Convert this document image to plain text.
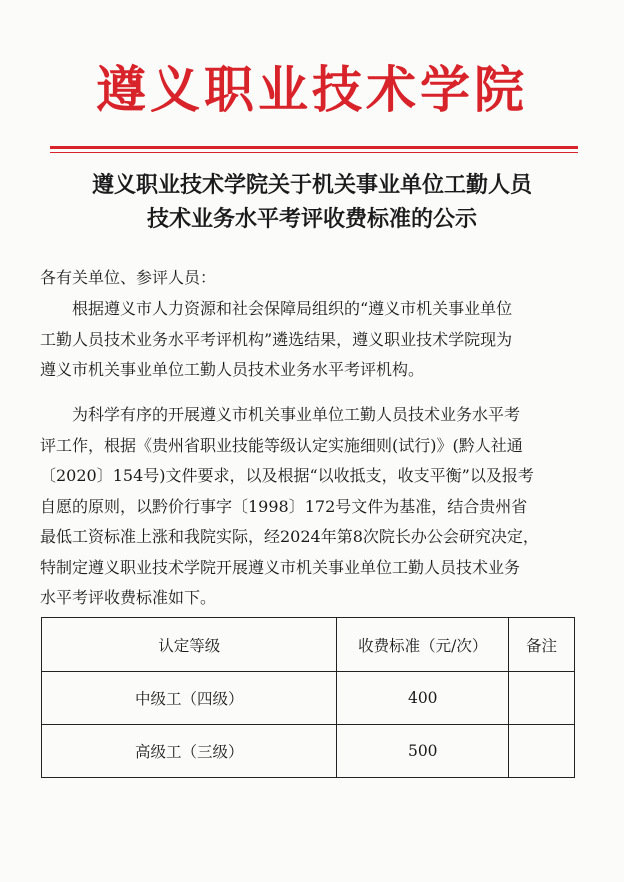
遵义职业技术学院
遵义职业技术学院关于机关事业单位工勤人员
技术业务水平考评收费标准的公示
各有关单位、参评人员：
　　根据遵义市人力资源和社会保障局组织的“遵义市机关事业单位
工勤人员技术业务水平考评机构”遴选结果，遵义职业技术学院现为
遵义市机关事业单位工勤人员技术业务水平考评机构。
　　为科学有序的开展遵义市机关事业单位工勤人员技术业务水平考
评工作，根据《贵州省职业技能等级认定实施细则(试行)》(黔人社通
〔2020〕154号)文件要求，以及根据“以收抵支，收支平衡”以及报考
自愿的原则，以黔价行事字〔1998〕172号文件为基准，结合贵州省
最低工资标准上涨和我院实际，经2024年第8次院长办公会研究决定，
特制定遵义职业技术学院开展遵义市机关事业单位工勤人员技术业务
水平考评收费标准如下。
认定等级	收费标准（元/次）	备注
中级工（四级）	400	
高级工（三级）	500	
